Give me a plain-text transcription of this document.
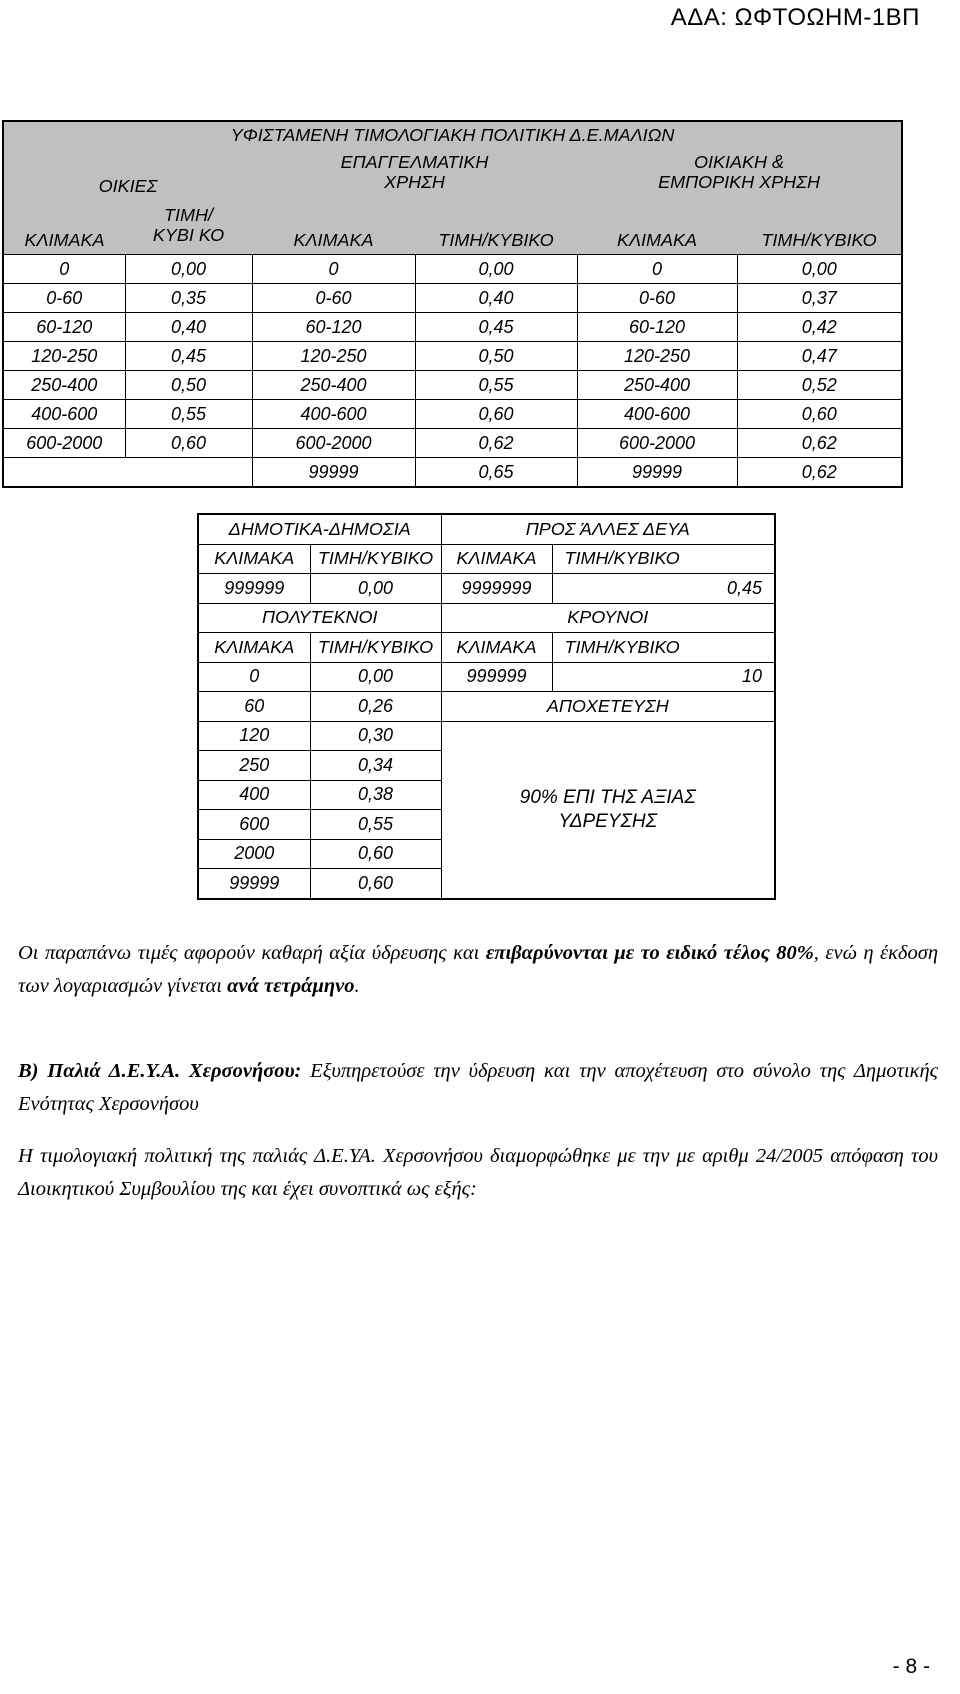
ΑΔΑ: ΩΦΤΟΩΗΜ-1ΒΠ
ΥΦΙΣΤΑΜΕΝΗ ΤΙΜΟΛΟΓΙΑΚΗ ΠΟΛΙΤΙΚΗ Δ.Ε.ΜΑΛΙΩΝ					
ΟΙΚΙΕΣ		ΕΠΑΓΓΕΛΜΑΤΙΚΗ ΧΡΗΣΗ		ΟΙΚΙΑΚΗ & ΕΜΠΟΡΙΚΗ ΧΡΗΣΗ	
ΚΛΙΜΑΚΑ	ΤΙΜΗ/ΚΥΒΙ ΚΟ	ΚΛΙΜΑΚΑ	ΤΙΜΗ/ΚΥΒΙΚΟ	ΚΛΙΜΑΚΑ	ΤΙΜΗ/ΚΥΒΙΚΟ
0	0,00	0	0,00	0	0,00
0-60	0,35	0-60	0,40	0-60	0,37
60-120	0,40	60-120	0,45	60-120	0,42
120-250	0,45	120-250	0,50	120-250	0,47
250-400	0,50	250-400	0,55	250-400	0,52
400-600	0,55	400-600	0,60	400-600	0,60
600-2000	0,60	600-2000	0,62	600-2000	0,62
		99999	0,65	99999	0,62
ΔΗΜΟΤΙΚΑ-ΔΗΜΟΣΙΑ		ΠΡΟΣ ΆΛΛΕΣ ΔΕΥΑ	
ΚΛΙΜΑΚΑ	ΤΙΜΗ/ΚΥΒΙΚΟ	ΚΛΙΜΑΚΑ	ΤΙΜΗ/ΚΥΒΙΚΟ
999999	0,00	9999999	0,45
ΠΟΛΥΤΕΚΝΟΙ		ΚΡΟΥΝΟΙ	
ΚΛΙΜΑΚΑ	ΤΙΜΗ/ΚΥΒΙΚΟ	ΚΛΙΜΑΚΑ	ΤΙΜΗ/ΚΥΒΙΚΟ
0	0,00	999999	10
60	0,26	ΑΠΟΧΕΤΕΥΣΗ	
120	0,30	90% ΕΠΙ ΤΗΣ ΑΞΙΑΣ ΥΔΡΕΥΣΗΣ	
250	0,34		
400	0,38		
600	0,55		
2000	0,60		
99999	0,60		
Οι παραπάνω τιμές αφορούν καθαρή αξία ύδρευσης και επιβαρύνονται με το ειδικό τέλος 80%, ενώ η έκδοση των λογαριασμών γίνεται ανά τετράμηνο.
Β) Παλιά Δ.Ε.Υ.Α. Χερσονήσου: Εξυπηρετούσε την ύδρευση και την αποχέτευση στο σύνολο της Δημοτικής Ενότητας Χερσονήσου
Η τιμολογιακή πολιτική της παλιάς Δ.Ε.ΥΑ. Χερσονήσου διαμορφώθηκε με την με αριθμ 24/2005 απόφαση του Διοικητικού Συμβουλίου της και έχει συνοπτικά ως εξής:
- 8 -
